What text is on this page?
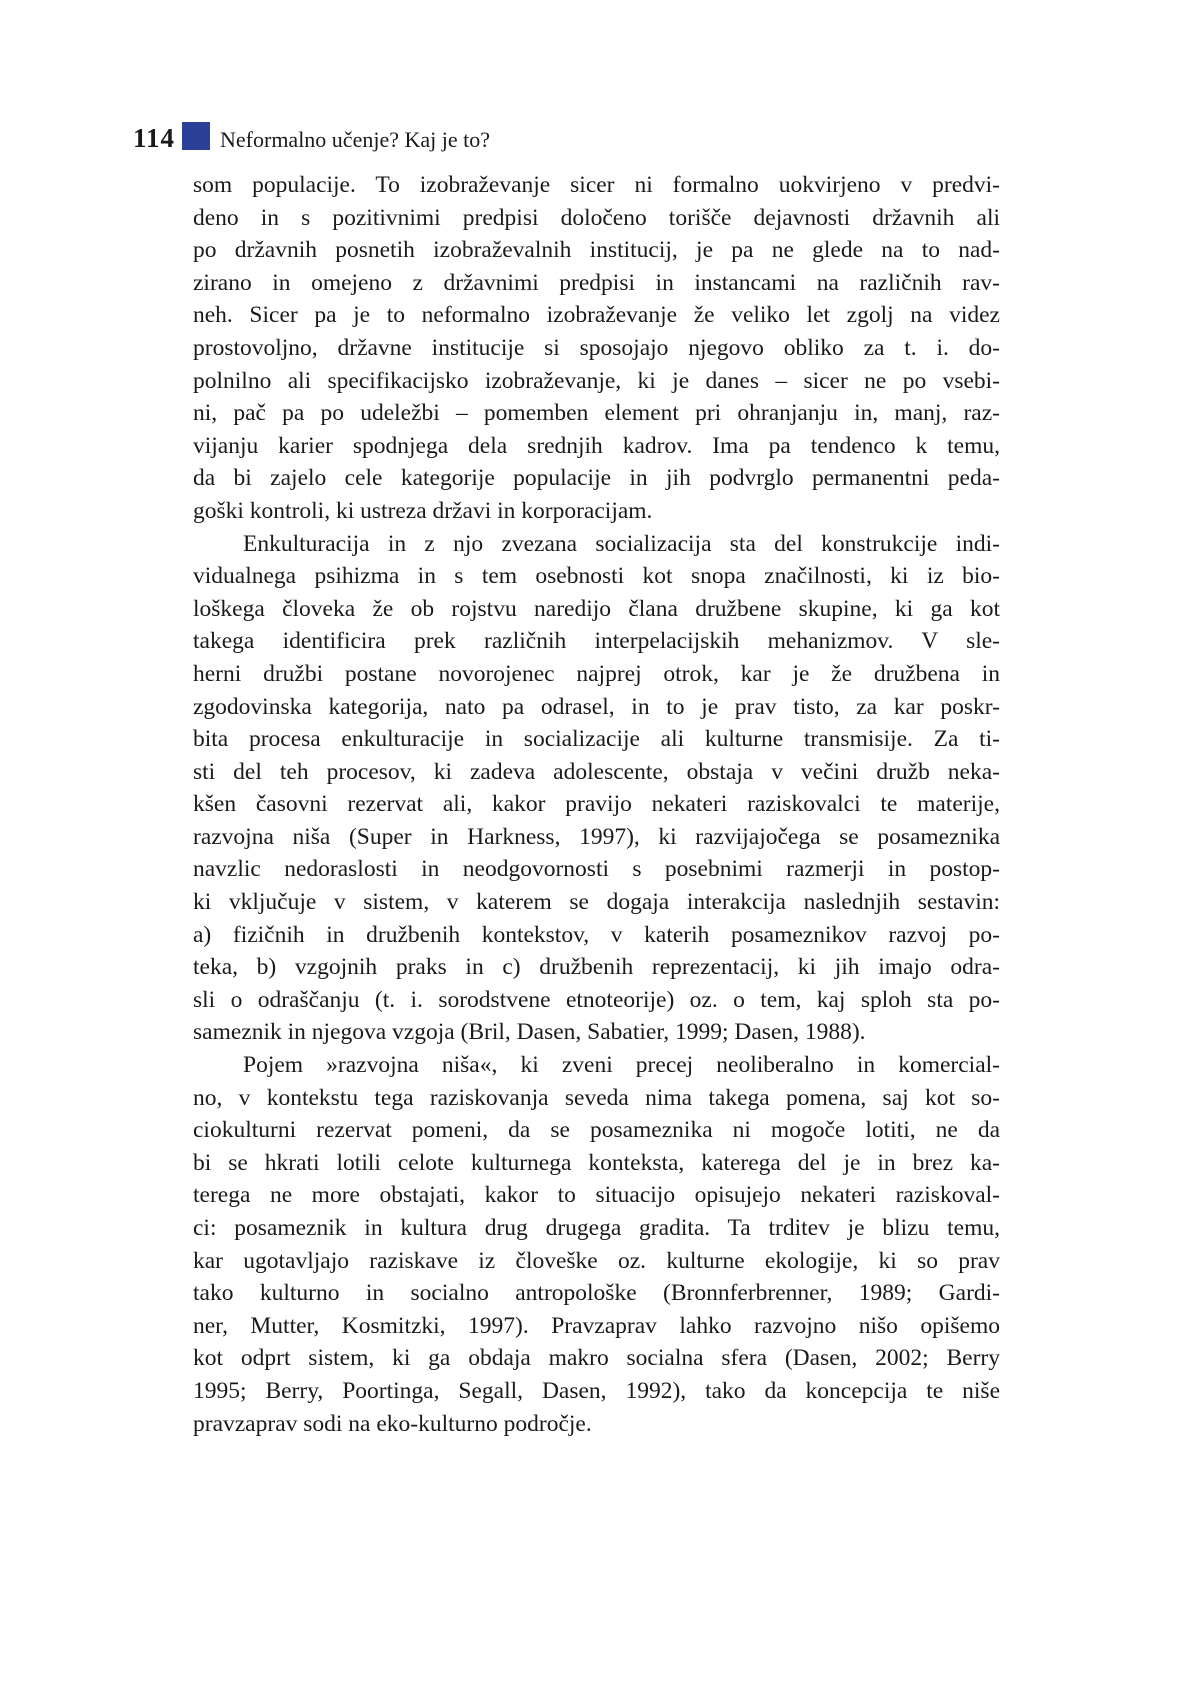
114 Neformalno učenje? Kaj je to?
som populacije. To izobraževanje sicer ni formalno uokvirjeno v predvi-
deno in s pozitivnimi predpisi določeno torišče dejavnosti državnih ali
po državnih posnetih izobraževalnih institucij, je pa ne glede na to nad-
zirano in omejeno z državnimi predpisi in instancami na različnih rav-
neh. Sicer pa je to neformalno izobraževanje že veliko let zgolj na videz
prostovoljno, državne institucije si sposojajo njegovo obliko za t. i. do-
polnilno ali specifikacijsko izobraževanje, ki je danes – sicer ne po vsebi-
ni, pač pa po udeležbi – pomemben element pri ohranjanju in, manj, raz-
vijanju karier spodnjega dela srednjih kadrov. Ima pa tendenco k temu,
da bi zajelo cele kategorije populacije in jih podvrglo permanentni peda-
goški kontroli, ki ustreza državi in korporacijam.
Enkulturacija in z njo zvezana socializacija sta del konstrukcije indi-
vidualnega psihizma in s tem osebnosti kot snopa značilnosti, ki iz bio-
loškega človeka že ob rojstvu naredijo člana družbene skupine, ki ga kot
takega identificira prek različnih interpelacijskih mehanizmov. V sle-
herni družbi postane novorojenec najprej otrok, kar je že družbena in
zgodovinska kategorija, nato pa odrasel, in to je prav tisto, za kar poskr-
bita procesa enkulturacije in socializacije ali kulturne transmisije. Za ti-
sti del teh procesov, ki zadeva adolescente, obstaja v večini družb neka-
kšen časovni rezervat ali, kakor pravijo nekateri raziskovalci te materije,
razvojna niša (Super in Harkness, 1997), ki razvijajočega se posameznika
navzlic nedoraslosti in neodgovornosti s posebnimi razmerji in postop-
ki vključuje v sistem, v katerem se dogaja interakcija naslednjih sestavin:
a) fizičnih in družbenih kontekstov, v katerih posameznikov razvoj po-
teka, b) vzgojnih praks in c) družbenih reprezentacij, ki jih imajo odra-
sli o odraščanju (t. i. sorodstvene etnoteorije) oz. o tem, kaj sploh sta po-
sameznik in njegova vzgoja (Bril, Dasen, Sabatier, 1999; Dasen, 1988).
Pojem »razvojna niša«, ki zveni precej neoliberalno in komercial-
no, v kontekstu tega raziskovanja seveda nima takega pomena, saj kot so-
ciokulturni rezervat pomeni, da se posameznika ni mogoče lotiti, ne da
bi se hkrati lotili celote kulturnega konteksta, katerega del je in brez ka-
terega ne more obstajati, kakor to situacijo opisujejo nekateri raziskoval-
ci: posameznik in kultura drug drugega gradita. Ta trditev je blizu temu,
kar ugotavljajo raziskave iz človeške oz. kulturne ekologije, ki so prav
tako kulturno in socialno antropološke (Bronnferbrenner, 1989; Gardi-
ner, Mutter, Kosmitzki, 1997). Pravzaprav lahko razvojno nišo opišemo
kot odprt sistem, ki ga obdaja makro socialna sfera (Dasen, 2002; Berry
1995; Berry, Poortinga, Segall, Dasen, 1992), tako da koncepcija te niše
pravzaprav sodi na eko-kulturno področje.
